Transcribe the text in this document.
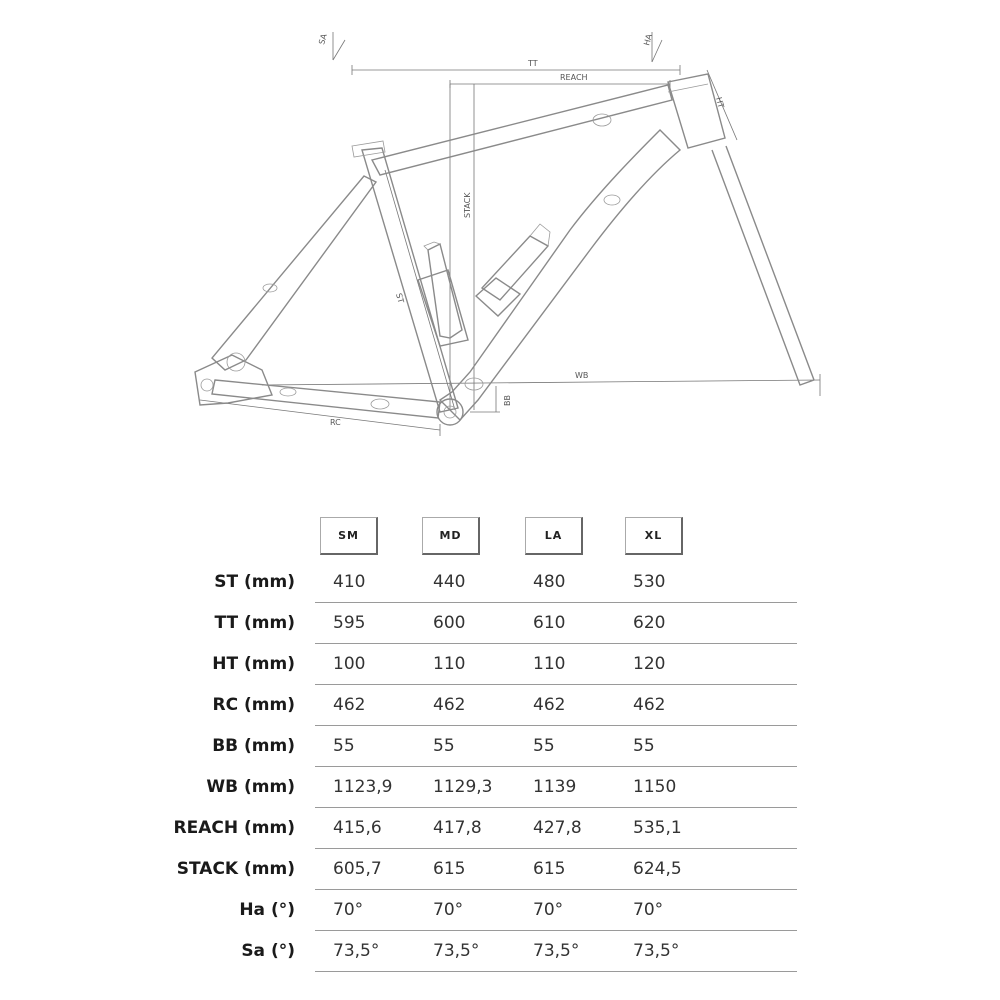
SA	HA
TT
REACH
HT
STACK
ST
WB
BB
RC
SM	MD	LA	XL
ST (mm) 410	440	480	530
TT (mm) 595	600	610	620
HT (mm) 100	110	110	120
RC (mm) 462	462	462	462
BB (mm) 55	55	55	55
WB (mm) 1123,9 1129,3 1139	1150
REACH (mm) 415,6	417,8	427,8	535,1
STACK (mm) 605,7	615	615	624,5
Ha (°) 70°	70°	70°	70°
Sa (°) 73,5°	73,5°	73,5°	73,5°
